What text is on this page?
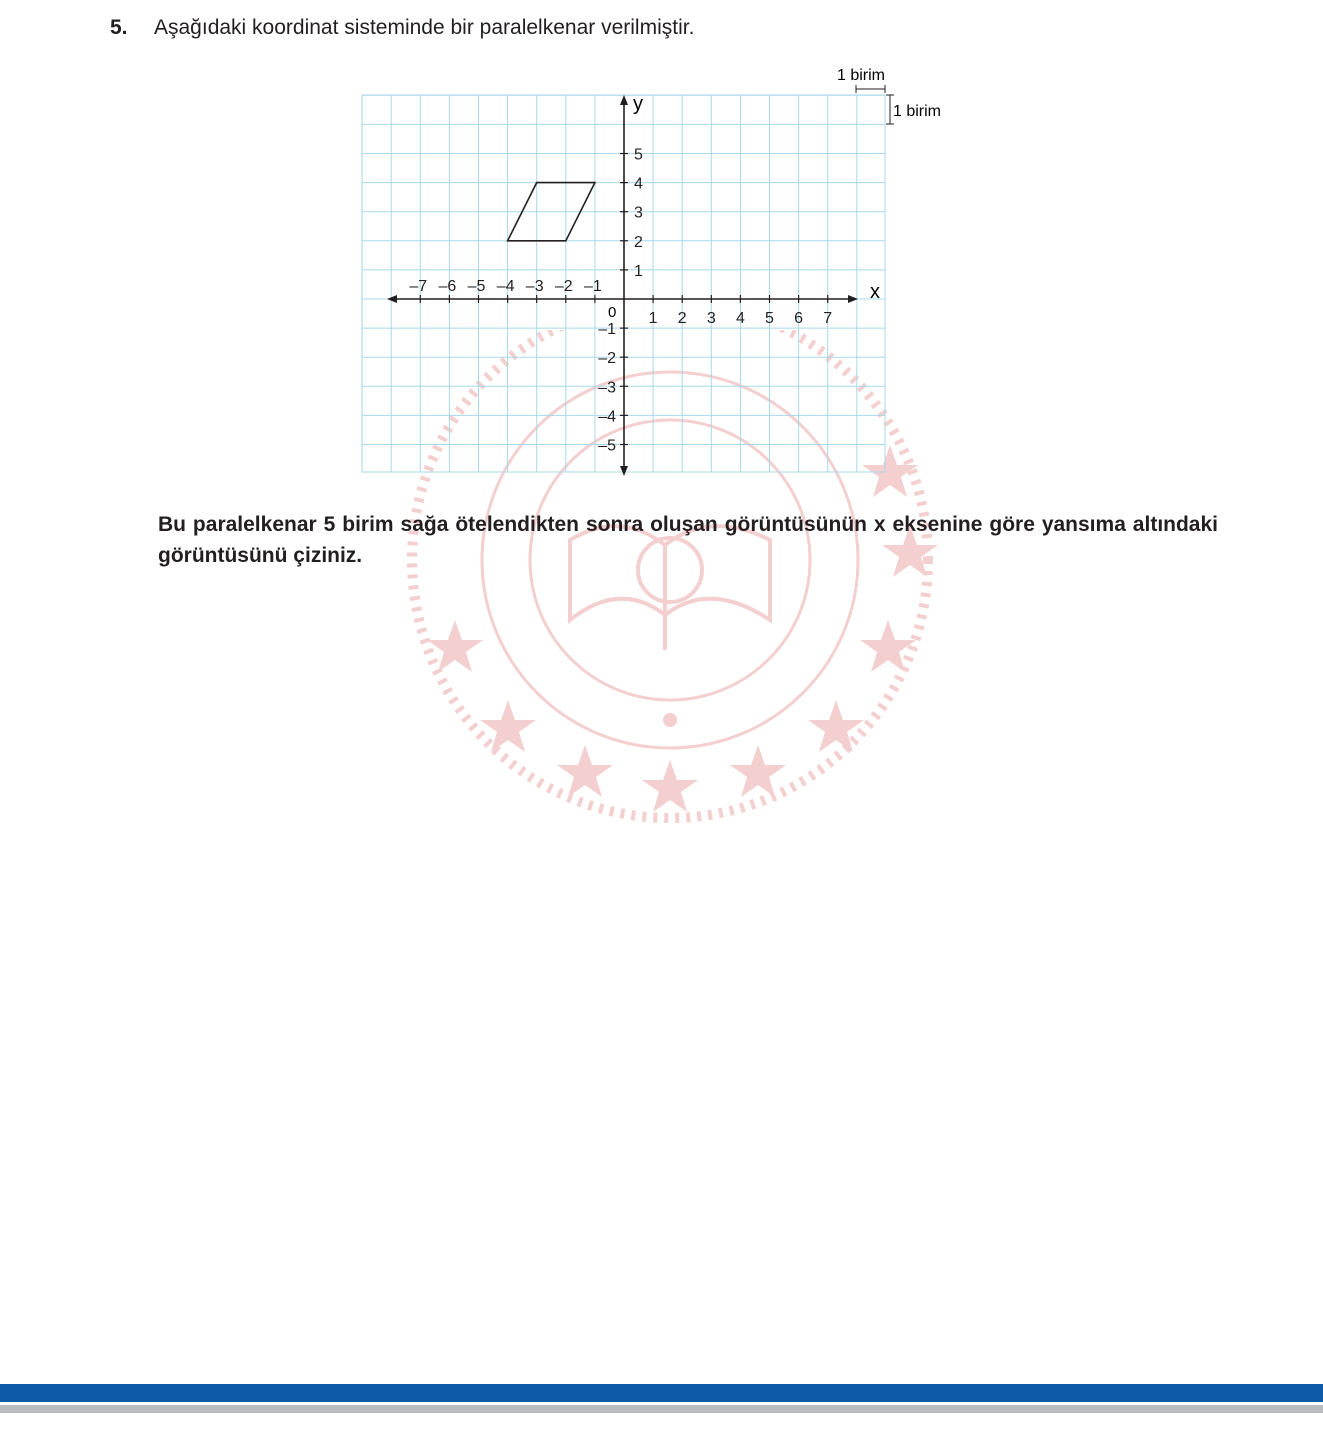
5. Aşağıdaki koordinat sisteminde bir paralelkenar verilmiştir.
–7 –6 –5 –4 –3 –2 –1
1 2 3 4 5 6 7
5
4
3
2
1
–1
–2
–3
–4
–5
x
y
0
1 birim
1 birim
Bu paralelkenar 5 birim sağa ötelendikten sonra oluşan görüntüsünün x eksenine göre yansıma altındaki görüntüsünü çiziniz.
